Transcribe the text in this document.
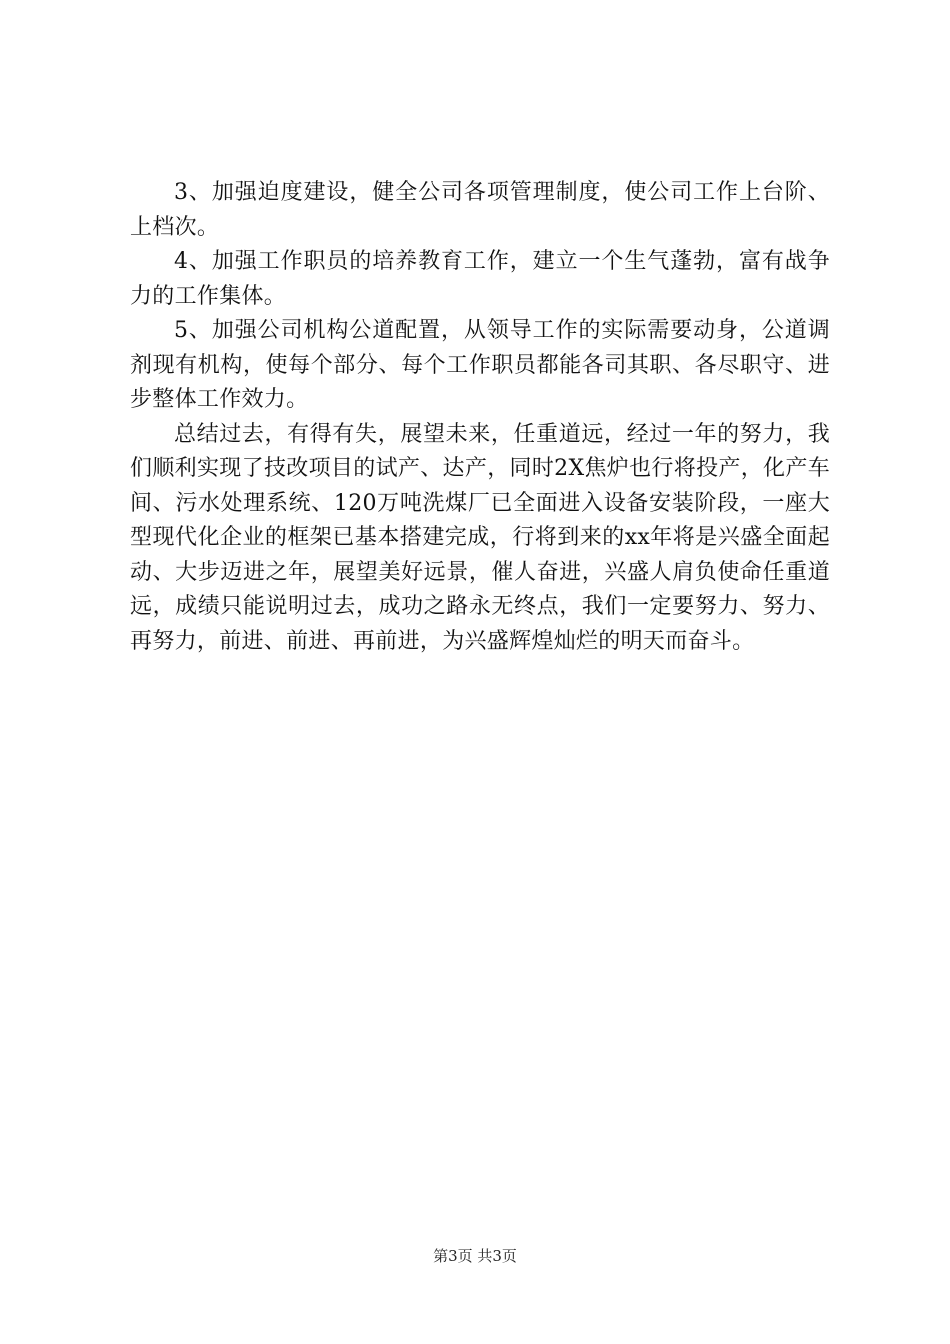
3、加强迫度建设，健全公司各项管理制度，使公司工作上台阶、上档次。

4、加强工作职员的培养教育工作，建立一个生气蓬勃，富有战争力的工作集体。

5、加强公司机构公道配置，从领导工作的实际需要动身，公道调剂现有机构，使每个部分、每个工作职员都能各司其职、各尽职守、进步整体工作效力。

总结过去，有得有失，展望未来，任重道远，经过一年的努力，我们顺利实现了技改项目的试产、达产，同时2X焦炉也行将投产，化产车间、污水处理系统、120万吨洗煤厂已全面进入设备安装阶段，一座大型现代化企业的框架已基本搭建完成，行将到来的xx年将是兴盛全面起动、大步迈进之年，展望美好远景，催人奋进，兴盛人肩负使命任重道远，成绩只能说明过去，成功之路永无终点，我们一定要努力、努力、再努力，前进、前进、再前进，为兴盛辉煌灿烂的明天而奋斗。

第3页 共3页
